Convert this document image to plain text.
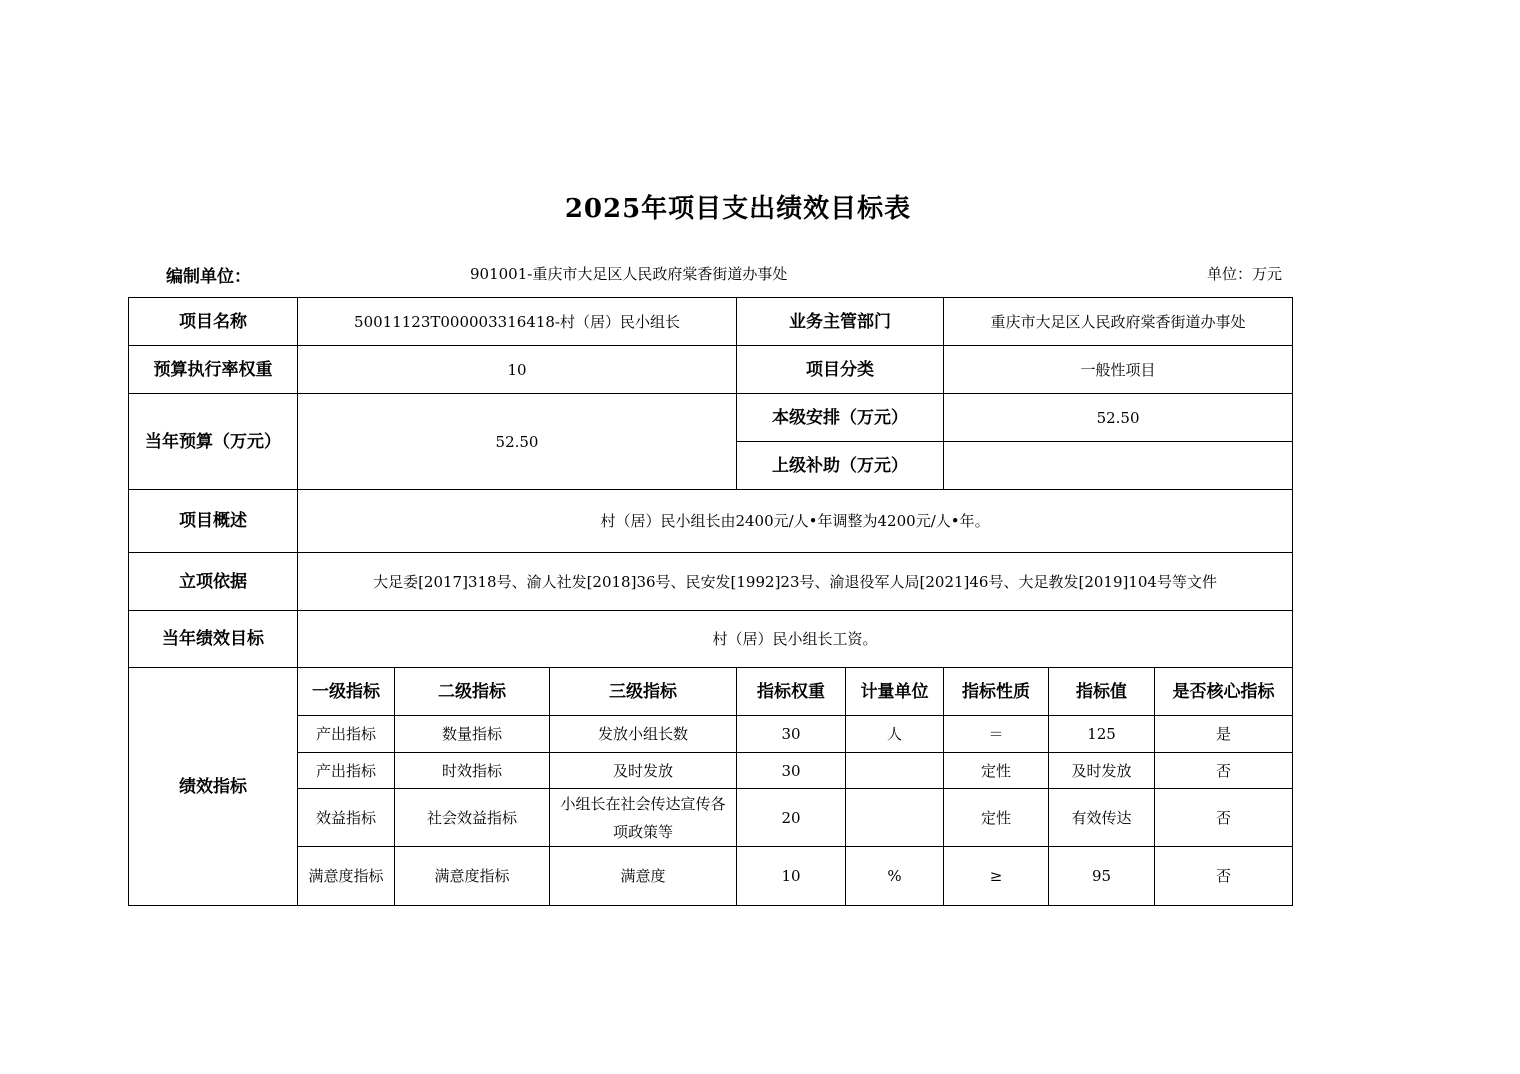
2025年项目支出绩效目标表
编制单位：	901001-重庆市大足区人民政府棠香街道办事处	单位：万元
项目名称	50011123T000003316418-村（居）民小组长			业务主管部门		重庆市大足区人民政府棠香街道办事处		
预算执行率权重	10			项目分类		一般性项目		
当年预算（万元）	52.50			本级安排（万元）		52.50		
				上级补助（万元）				
项目概述	村（居）民小组长由2400元/人•年调整为4200元/人•年。							
立项依据	大足委[2017]318号、渝人社发[2018]36号、民安发[1992]23号、渝退役军人局[2021]46号、大足教发[2019]104号等文件							
当年绩效目标	村（居）民小组长工资。							
绩效指标	一级指标	二级指标	三级指标	指标权重	计量单位	指标性质	指标值	是否核心指标
	产出指标	数量指标	发放小组长数	30	人	＝	125	是
	产出指标	时效指标	及时发放	30		定性	及时发放	否
	效益指标	社会效益指标	小组长在社会传达宣传各项政策等	20		定性	有效传达	否
	满意度指标	满意度指标	满意度	10	%	≥	95	否
